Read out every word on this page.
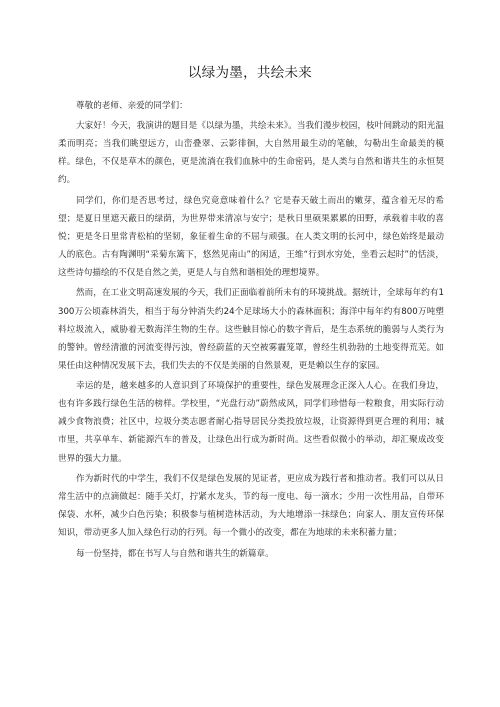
以绿为墨，共绘未来

尊敬的老师、亲爱的同学们：

大家好！今天，我演讲的题目是《以绿为墨，共绘未来》。当我们漫步校园，枝叶间跳动的阳光温柔而明亮；当我们眺望远方，山峦叠翠、云影徘徊，大自然用最生动的笔触，勾勒出生命最美的模样。绿色，不仅是草木的颜色，更是流淌在我们血脉中的生命密码，是人类与自然和谐共生的永恒契约。

同学们，你们是否思考过，绿色究竟意味着什么？它是春天破土而出的嫩芽，蕴含着无尽的希望；是夏日里遮天蔽日的绿荫，为世界带来清凉与安宁；是秋日里硕果累累的田野，承载着丰收的喜悦；更是冬日里常青松柏的坚韧，象征着生命的不屈与顽强。在人类文明的长河中，绿色始终是最动人的底色。古有陶渊明“采菊东篱下，悠然见南山”的闲适，王维“行到水穷处，坐看云起时”的恬淡，这些诗句描绘的不仅是自然之美，更是人与自然和谐相处的理想境界。

然而，在工业文明高速发展的今天，我们正面临着前所未有的环境挑战。据统计，全球每年约有1300万公顷森林消失，相当于每分钟消失约24个足球场大小的森林面积；海洋中每年约有800万吨塑料垃圾流入，威胁着无数海洋生物的生存。这些触目惊心的数字背后，是生态系统的脆弱与人类行为的警钟。曾经清澈的河流变得污浊，曾经蔚蓝的天空被雾霾笼罩，曾经生机勃勃的土地变得荒芜。如果任由这种情况发展下去，我们失去的不仅是美丽的自然景观，更是赖以生存的家园。

幸运的是，越来越多的人意识到了环境保护的重要性，绿色发展理念正深入人心。在我们身边，也有许多践行绿色生活的榜样。学校里，“光盘行动”蔚然成风，同学们珍惜每一粒粮食，用实际行动减少食物浪费；社区中，垃圾分类志愿者耐心指导居民分类投放垃圾，让资源得到更合理的利用；城市里，共享单车、新能源汽车的普及，让绿色出行成为新时尚。这些看似微小的举动，却汇聚成改变世界的强大力量。

作为新时代的中学生，我们不仅是绿色发展的见证者，更应成为践行者和推动者。我们可以从日常生活中的点滴做起：随手关灯，拧紧水龙头，节约每一度电、每一滴水；少用一次性用品，自带环保袋、水杯，减少白色污染；积极参与植树造林活动，为大地增添一抹绿色；向家人、朋友宣传环保知识，带动更多人加入绿色行动的行列。每一个微小的改变，都在为地球的未来积蓄力量；

每一份坚持，都在书写人与自然和谐共生的新篇章。
